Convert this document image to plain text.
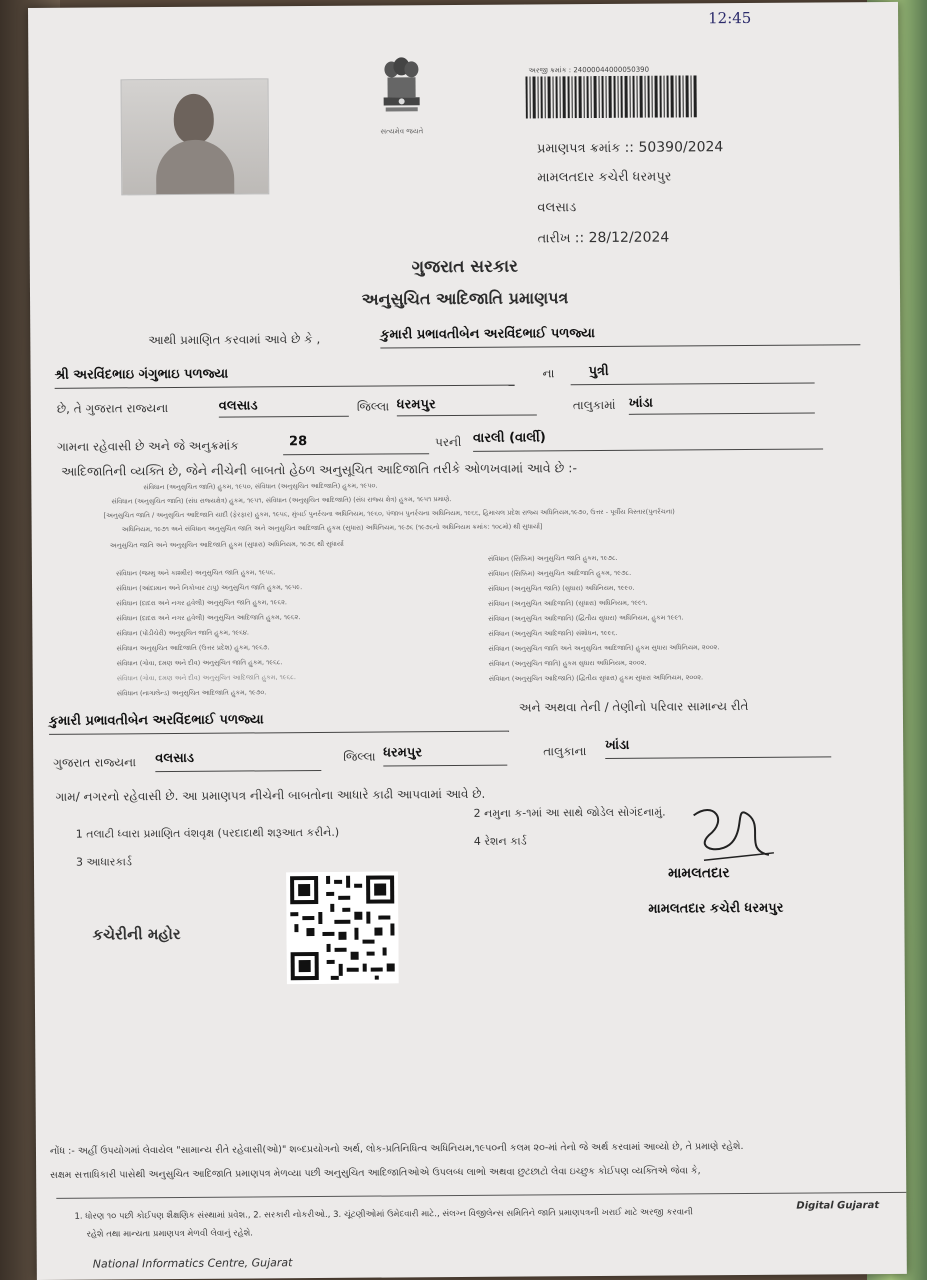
12:45
સત્યમેવ જયતે
અરજી ક્રમાંક : 24000044000050390
પ્રમાણપત્ર ક્રમાંક :: 50390/2024
મામલતદાર કચેરી ધરમપુર
વલસાડ
તારીખ :: 28/12/2024
ગુજરાત સરકાર
અનુસુચિત આદિજાતિ પ્રમાણપત્ર
આથી પ્રમાણિત કરવામાં આવે છે કે ,	કુમારી પ્રભાવતીબેન અરવિંદભાઈ પળજ્યા
શ્રી અરવિંદભાઇ ગંગુભાઇ પળજ્યા	ના	પુત્રી
છે, તે ગુજરાત રાજ્યના	વલસાડ	જિલ્લા ધરમપુર	તાલુકામાં ખાંડા
ગામના રહેવાસી છે અને જે અનુક્રમાંક	28	પરની વારલી (વાર્લી)
આદિજાતિની વ્યક્તિ છે, જેને નીચેની બાબતો હેઠળ અનુસૂચિત આદિજાતિ તરીકે ઓળખવામાં આવે છે :-
સંવિધાન (અનુસુચિત જાતિ) હુકમ, ૧૯૫૦, સંવિધાન (અનુસુચિત આદિજાતિ) હુકમ, ૧૯૫૦.
સંવિધાન (અનુસુચિત જાતિ) (સંઘ રાજ્યક્ષેત્ર) હુકમ, ૧૯૫૧, સંવિધાન (અનુસુચિત આદિજાતિ) (સંઘ રાજ્ય ક્ષેત્ર) હુકમ, ૧૯૫૧ પ્રમાણે.
[અનુસુચિત જાતિ / અનુસુચિત આદિજાતિ યાદી (ફેરફાર) હુકમ, ૧૯૫૬, મુંબઈ પુનર્રચના અધિનિયમ, ૧૯૬૦, પંજાબ પુનર્રચના અધિનિયમ, ૧૯૬૬, હિમાચલ પ્રદેશ રાજ્ય અધિનિયમ,૧૯૭૦, ઉત્તર - પૂર્વીય વિસ્તાર(પુનર્રચના)
અધિનિયમ, ૧૯૭૧ અને સંવિધાન અનુસુચિત જાતિ અને અનુસુચિત આદિજાતિ હુકમ (સુધારા) અધિનિયમ, ૧૯૭૬ (૧૯૭૬નો અધિનિયમ ક્રમાંક: ૧૦૮મો) થી સુધાર્યા]
અનુસુચિત જાતિ અને અનુસુચિત આદિજાતિ હુકમ (સુધારા) અધિનિયમ, ૧૯૭૬ થી સુધાર્યા
સંવિધાન (જમ્મુ અને કાશ્મીર) અનુસુચિત જાતિ હુકમ, ૧૯૫૬.
સંવિધાન (આંદામાન અને નિકોબાર ટાપુ) અનુસુચિત જાતિ હુકમ, ૧૯૫૯.
સંવિધાન (દાદરા અને નગર હવેલી) અનુસુચિત જાતિ હુકમ, ૧૯૬૨.
સંવિધાન (દાદરા અને નગર હવેલી) અનુસુચિત આદિજાતિ હુકમ, ૧૯૬૨.
સંવિધાન (પોંડીચેરી) અનુસુચિત જાતિ હુકમ, ૧૯૬૪.
સંવિધાન અનુસુચિત આદિજાતિ (ઉત્તર પ્રદેશ) હુકમ, ૧૯૬૭.
સંવિધાન (ગોવા, દમણ અને દીવ) અનુસુચિત જાતિ હુકમ, ૧૯૬૮.
સંવિધાન (ગોવા, દમણ અને દીવ) અનુસુચિત આદિજાતિ હુકમ, ૧૯૬૮.
સંવિધાન (નાગાલેન્ડ) અનુસુચિત આદિજાતિ હુકમ, ૧૯૭૦.
સંવિધાન (સિક્કિમ) અનુસુચિત જાતિ હુકમ, ૧૯૭૮.
સંવિધાન (સિક્કિમ) અનુસુચિત આદિજાતિ હુકમ, ૧૯૭૮.
સંવિધાન (અનુસુચિત જાતિ) (સુધારા) અધિનિયમ, ૧૯૯૦.
સંવિધાન (અનુસુચિત આદિજાતિ) (સુધારા) અધિનિયમ, ૧૯૯૧.
સંવિધાન (અનુસુચિત આદિજાતિ) (દ્વિતીય સુધારા) અધિનિયમ, હુકમ ૧૯૯૧.
સંવિધાન (અનુસુચિત આદિજાતિ) સંશોધન, ૧૯૯૬.
સંવિધાન (અનુસુચિત જાતિ અને અનુસુચિત આદિજાતિ) હુકમ સુધારા અધિનિયમ, ૨૦૦૨.
સંવિધાન (અનુસુચિત જાતિ) હુકમ સુધારા અધિનિયમ, ૨૦૦૨.
સંવિધાન (અનુસુચિત આદિજાતિ) (દ્વિતીય સુધારા) હુકમ સુધારા અધિનિયમ, ૨૦૦૨.
કુમારી પ્રભાવતીબેન અરવિંદભાઈ પળજ્યા
અને અથવા તેની / તેણીનો પરિવાર સામાન્ય રીતે
ગુજરાત રાજ્યના વલસાડ	જિલ્લા ધરમપુર	તાલુકાના ખાંડા
ગામ/ નગરનો રહેવાસી છે. આ પ્રમાણપત્ર નીચેની બાબતોના આધારે કાઢી આપવામાં આવે છે.
1 તલાટી ધ્વારા પ્રમાણિત વંશવૃક્ષ (પરદાદાથી શરૂઆત કરીને.)
2 નમુના ક-૧માં આ સાથે જોડેલ સોગંદનામું.
3 આધારકાર્ડ
4 રેશન કાર્ડ
મામલતદાર
મામલતદાર કચેરી ધરમપુર
કચેરીની મહોર
નોંધ :- અહીં ઉપયોગમાં લેવાયેલ "સામાન્ય રીતે રહેવાસી(ઓ)" શબ્દપ્રયોગનો અર્થ, લોક-પ્રતિનિધિત્વ અધિનિયમ,૧૯૫૦ની કલમ ૨૦-માં તેનો જે અર્થ કરવામાં આવ્યો છે, તે પ્રમાણે રહેશે.
સક્ષમ સત્તાધિકારી પાસેથી અનુસુચિત આદિજાતિ પ્રમાણપત્ર મેળવ્યા પછી અનુસુચિત આદિજાતિઓએ ઉપલબ્ધ લાભો અથવા છુટછાટો લેવા ઇચ્છુક કોઈપણ વ્યક્તિએ જેવા કે,
1. ધોરણ ૧૦ પછી કોઈપણ શૈક્ષણિક સંસ્થામાં પ્રવેશ., 2. સરકારી નોકરીઓ., 3. ચૂંટણીઓમાં ઉમેદવારી માટે., સંલગ્ન વિજીલેન્સ સમિતિને જાતિ પ્રમાણપત્રની ખરાઈ માટે અરજી કરવાની
રહેશે તથા માન્યતા પ્રમાણપત્ર મેળવી લેવાનું રહેશે.
Digital Gujarat
National Informatics Centre, Gujarat
